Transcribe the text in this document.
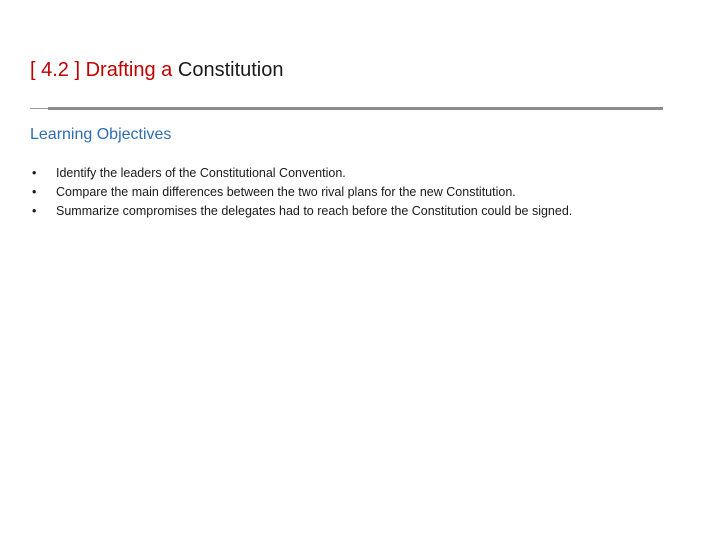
[ 4.2 ] Drafting a Constitution
Learning Objectives
•	Identify the leaders of the Constitutional Convention.
•	Compare the main differences between the two rival plans for the new Constitution.
•	Summarize compromises the delegates had to reach before the Constitution could be signed.
